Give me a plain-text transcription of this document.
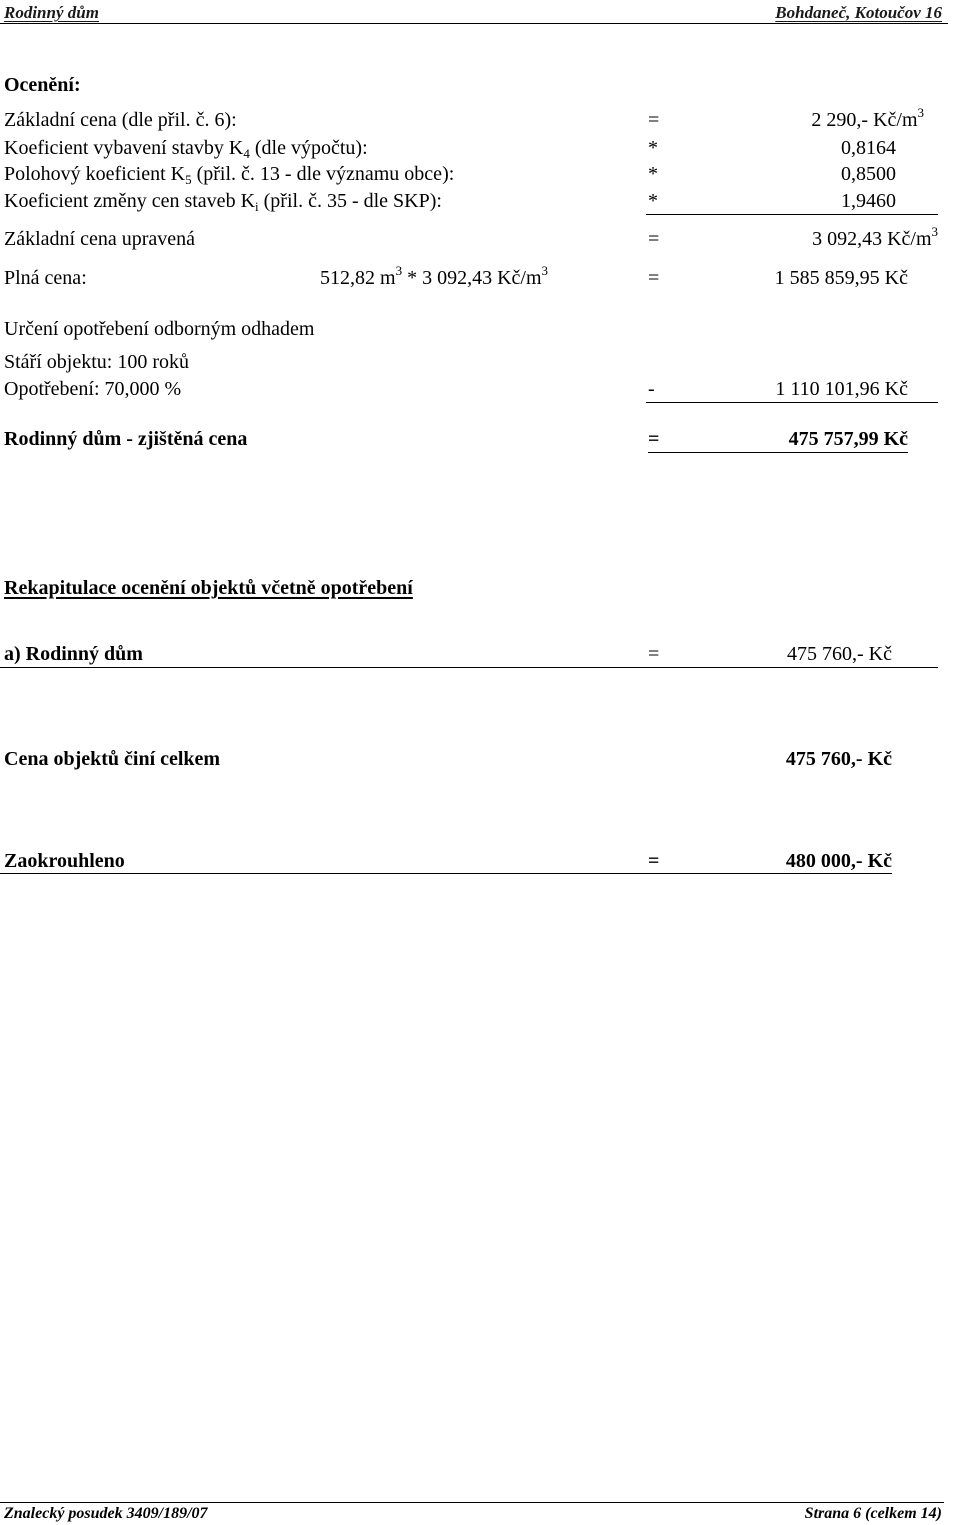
Rodinný dům	Bohdaneč, Kotoučov 16
Ocenění:
Základní cena (dle přil. č. 6):	=	2 290,- $Kč/m^3$
Koeficient vybavení stavby $K_4$ (dle výpočtu):	*	0,8164
Polohový koeficient $K_5$ (přil. č. 13 - dle významu obce):	*	0,8500
Koeficient změny cen staveb $K_i$ (přil. č. 35 - dle SKP):	*	1,9460
Základní cena upravená	=	3 092,43 $Kč/m^3$
Plná cena:	512,82 $m^3 * 3$ 092,43 $Kč/m^3$	=	1 585 859,95 Kč
Určení opotřebení odborným odhadem
Stáří objektu: 100 roků
Opotřebení: 70,000 %	-	1 110 101,96 Kč
Rodinný dům - zjištěná cena	=	475 757,99 Kč
Rekapitulace ocenění objektů včetně opotřebení
a) Rodinný dům	=	475 760,- Kč
Cena objektů činí celkem	475 760,- Kč
Zaokrouhleno	=	480 000,- Kč
Znalecký posudek 3409/189/07	Strana 6 (celkem 14)
